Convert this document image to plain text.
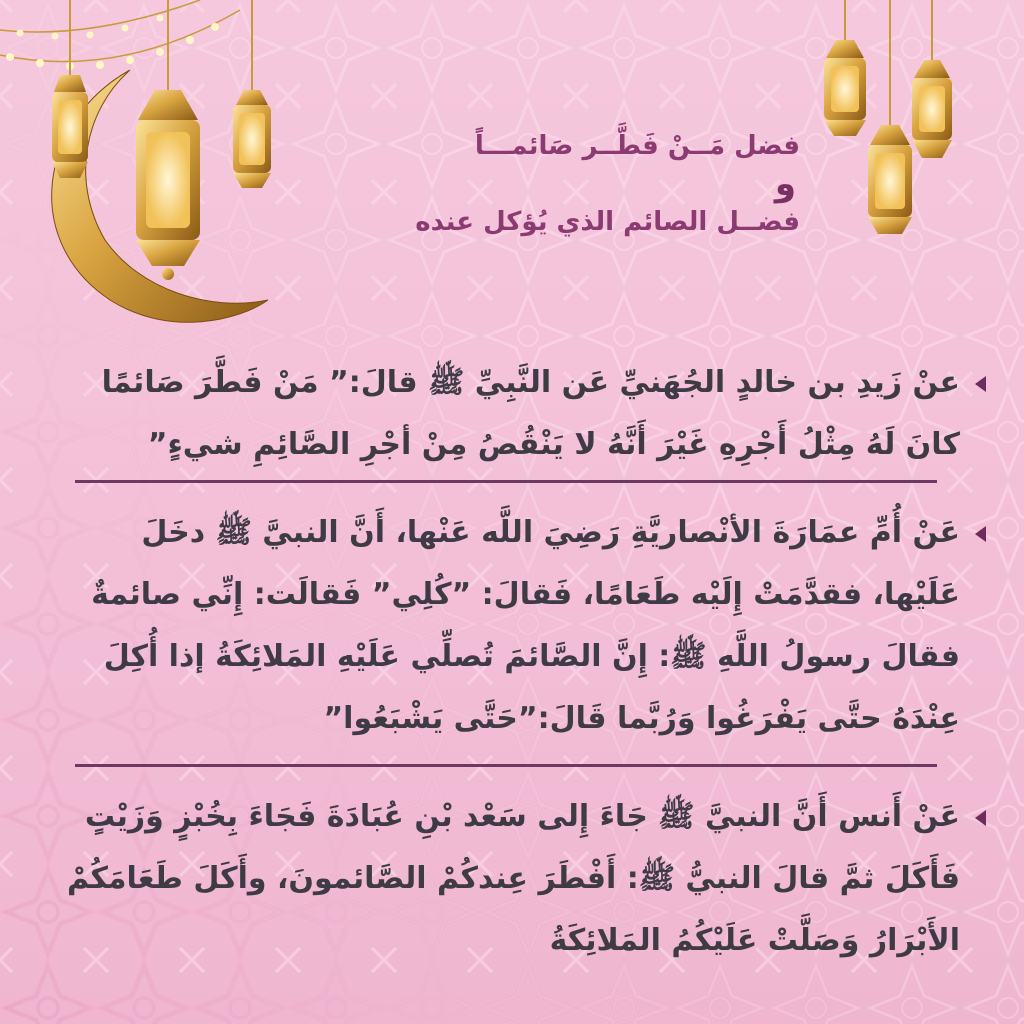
فضل مَــنْ فَطَّــر صَائمـــاً
و
فضــل الصائم الذي يُؤكل عنده

عنْ زَيدِ بن خالدٍ الجُهَنيِّ عَن النَّبِيِّ ﷺ قالَ:” مَنْ فَطَّرَ صَائمًا كانَ لَهُ مِثْلُ أَجْرِهِ غَيْرَ أَنَّهُ لا يَنْقُصُ مِنْ أجْرِ الصَّائِمِ شيءٍ”

عَنْ أُمِّ عمَارَةَ الأنْصاريَّةِ رَضِيَ اللَّه عَنْها، أَنَّ النبيَّ ﷺ دخَلَ عَلَيْها، فقدَّمَتْ إِلَيْه طَعَامًا، فَقالَ: ”كُلِي” فَقالَت: إِنِّي صائمةٌ فقالَ رسولُ اللَّهِ ﷺ: إِنَّ الصَّائمَ تُصلِّي عَلَيْهِ المَلائِكَةُ إذا أُكِلَ عِنْدَهُ حتَّى يَفْرَغُوا وَرُبَّما قَالَ:”حَتَّى يَشْبَعُوا”

عَنْ أَنس أَنَّ النبيَّ ﷺ جَاءَ إِلى سَعْد بْنِ عُبَادَةَ فَجَاءَ بِخُبْزٍ وَزَيْتٍ فَأَكَلَ ثمَّ قالَ النبيُّ ﷺ: أَفْطَرَ عِندكُمْ الصَّائمونَ، وأَكَلَ طَعَامَكُمْ الأَبْرَارُ وَصَلَّتْ عَلَيْكُمُ المَلائِكَةُ
